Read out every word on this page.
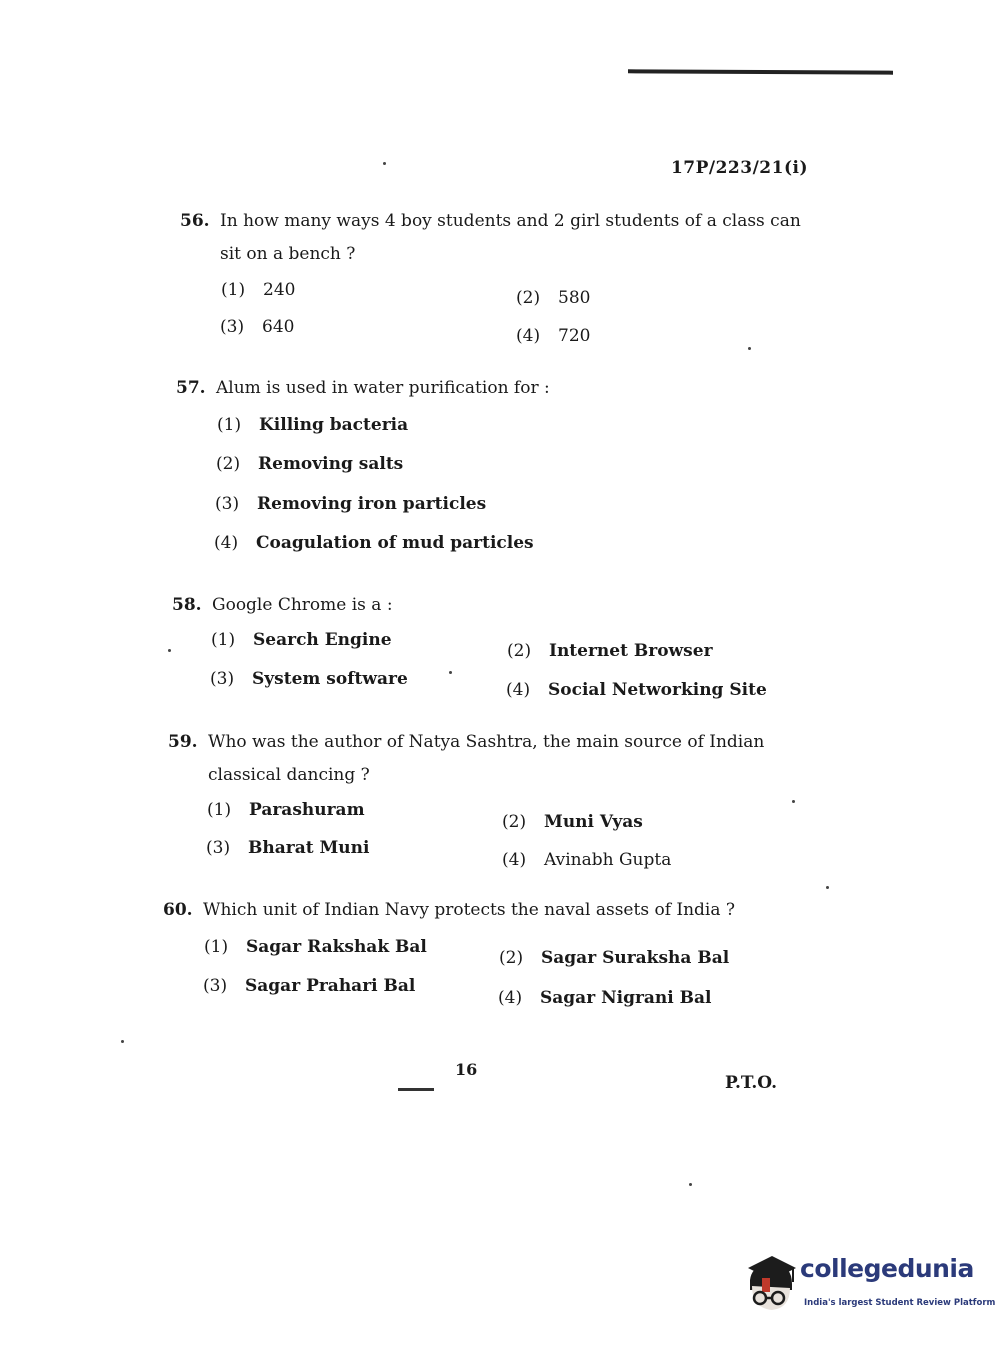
17P/223/21(i)
56. In how many ways 4 boy students and 2 girl students of a class can sit on a bench ?
(1) 240	(2) 580
(3) 640	(4) 720
57. Alum is used in water purification for :
(1) Killing bacteria
(2) Removing salts
(3) Removing iron particles
(4) Coagulation of mud particles
58. Google Chrome is a :
(1) Search Engine
(2) Internet Browser
(3) System software
(4) Social Networking Site
59. Who was the author of Natya Sashtra, the main source of Indian classical dancing ?
(1) Parashuram
(2) Muni Vyas
(3) Bharat Muni
(4) Avinabh Gupta
60. Which unit of Indian Navy protects the naval assets of India ?
(1) Sagar Rakshak Bal
(2) Sagar Suraksha Bal
(3) Sagar Prahari Bal
(4) Sagar Nigrani Bal
16
P.T.O.
collegedunia
India's largest Student Review Platform
